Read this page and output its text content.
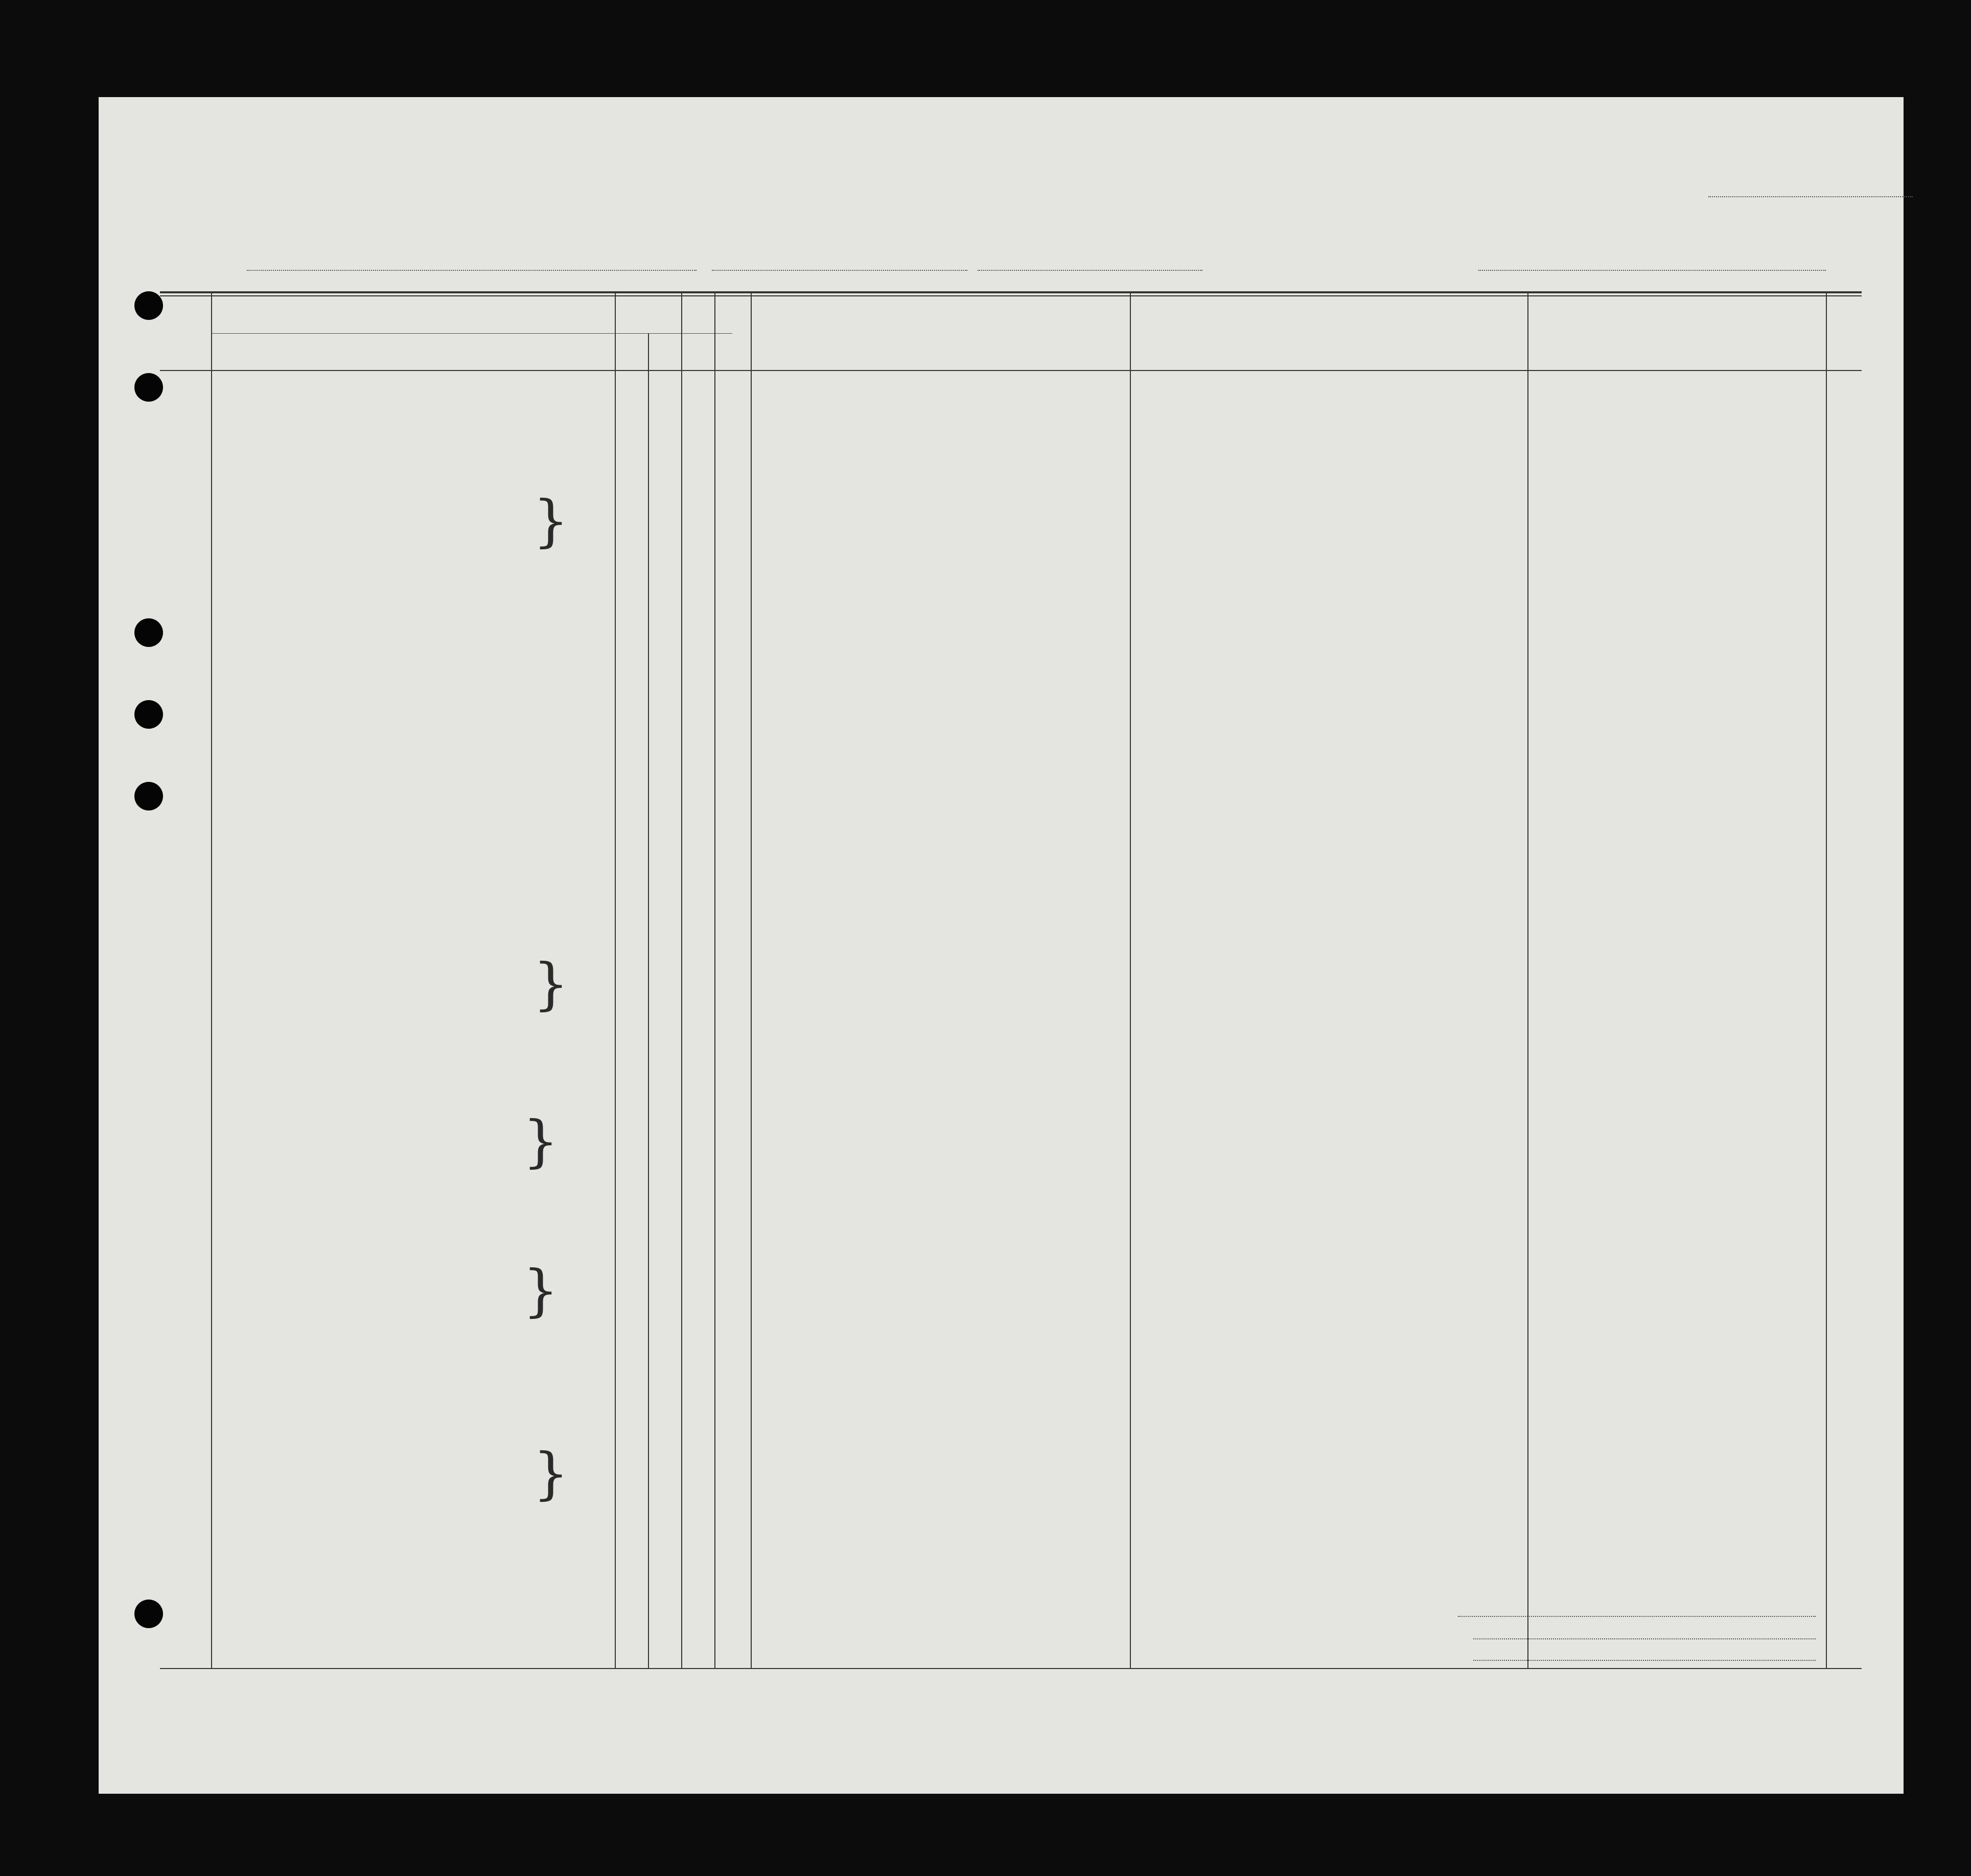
}
}
}
}
}
